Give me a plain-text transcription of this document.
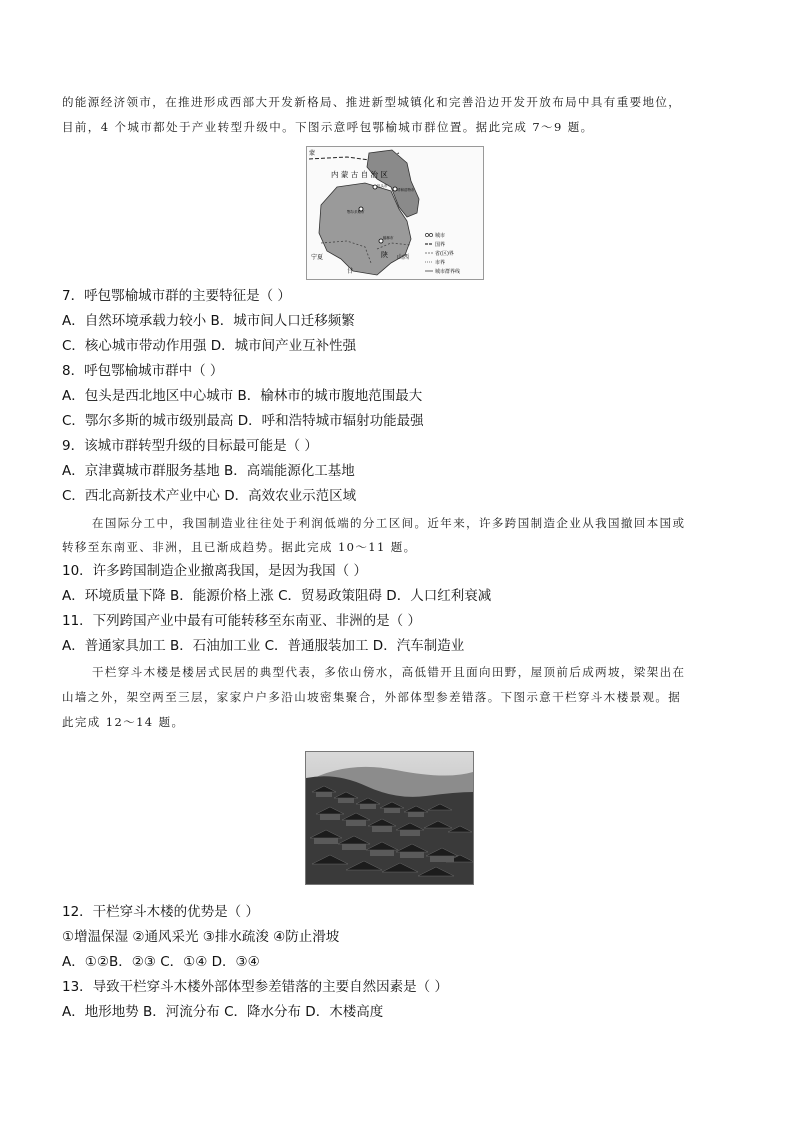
的能源经济领市，在推进形成西部大开发新格局、推进新型城镇化和完善沿边开发开放布局中具有重要地位，
目前，4 个城市都处于产业转型升级中。下图示意呼包鄂榆城市群位置。据此完成 7～9 题。
蒙
内 蒙 古 自 治 区
包头市
呼和浩特市
鄂尔多斯市
榆林市
陕 山西
宁夏
甘
城市
国界
省(区)界
市界
城市群界线
7．呼包鄂榆城市群的主要特征是（ ）
A．自然环境承载力较小 B．城市间人口迁移频繁
C．核心城市带动作用强 D．城市间产业互补性强
8．呼包鄂榆城市群中（ ）
A．包头是西北地区中心城市 B．榆林市的城市腹地范围最大
C．鄂尔多斯的城市级别最高 D．呼和浩特城市辐射功能最强
9．该城市群转型升级的目标最可能是（ ）
A．京津冀城市群服务基地 B．高端能源化工基地
C．西北高新技术产业中心 D．高效农业示范区域
在国际分工中，我国制造业往往处于利润低端的分工区间。近年来，许多跨国制造企业从我国撤回本国或
转移至东南亚、非洲，且已渐成趋势。据此完成 10～11 题。
10．许多跨国制造企业撤离我国，是因为我国（ ）
A．环境质量下降 B．能源价格上涨 C．贸易政策阻碍 D．人口红利衰减
11．下列跨国产业中最有可能转移至东南亚、非洲的是（ ）
A．普通家具加工 B．石油加工业 C．普通服装加工 D．汽车制造业
干栏穿斗木楼是楼居式民居的典型代表，多依山傍水，高低错开且面向田野，屋顶前后成两坡，梁架出在
山墙之外，架空两至三层，家家户户多沿山坡密集聚合，外部体型参差错落。下图示意干栏穿斗木楼景观。据
此完成 12～14 题。
12．干栏穿斗木楼的优势是（ ）
①增温保湿 ②通风采光 ③排水疏浚 ④防止滑坡
A．①②B．②③ C．①④ D．③④
13．导致干栏穿斗木楼外部体型参差错落的主要自然因素是（ ）
A．地形地势 B．河流分布 C．降水分布 D．木楼高度
